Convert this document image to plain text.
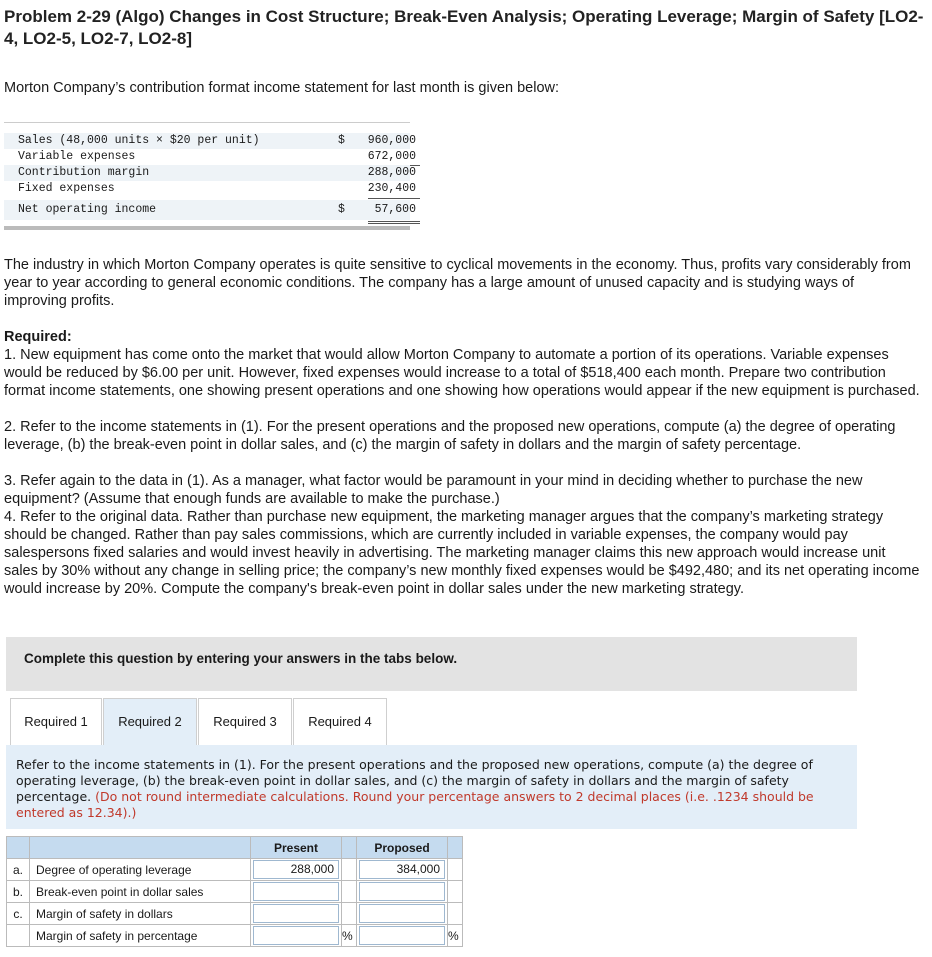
Problem 2-29 (Algo) Changes in Cost Structure; Break-Even Analysis; Operating Leverage; Margin of Safety [LO2-4, LO2-5, LO2-7, LO2-8]
Morton Company’s contribution format income statement for last month is given below:
Sales (48,000 units × $20 per unit)	$	960,000
Variable expenses	672,000
Contribution margin	288,000
Fixed expenses	230,400
Net operating income	$	57,600
The industry in which Morton Company operates is quite sensitive to cyclical movements in the economy. Thus, profits vary considerably from year to year according to general economic conditions. The company has a large amount of unused capacity and is studying ways of improving profits.
Required:
1. New equipment has come onto the market that would allow Morton Company to automate a portion of its operations. Variable expenses would be reduced by $6.00 per unit. However, fixed expenses would increase to a total of $518,400 each month. Prepare two contribution format income statements, one showing present operations and one showing how operations would appear if the new equipment is purchased.
2. Refer to the income statements in (1). For the present operations and the proposed new operations, compute (a) the degree of operating leverage, (b) the break-even point in dollar sales, and (c) the margin of safety in dollars and the margin of safety percentage.
3. Refer again to the data in (1). As a manager, what factor would be paramount in your mind in deciding whether to purchase the new equipment? (Assume that enough funds are available to make the purchase.)
4. Refer to the original data. Rather than purchase new equipment, the marketing manager argues that the company’s marketing strategy should be changed. Rather than pay sales commissions, which are currently included in variable expenses, the company would pay salespersons fixed salaries and would invest heavily in advertising. The marketing manager claims this new approach would increase unit sales by 30% without any change in selling price; the company’s new monthly fixed expenses would be $492,480; and its net operating income would increase by 20%. Compute the company's break-even point in dollar sales under the new marketing strategy.
Complete this question by entering your answers in the tabs below.
Required 1	Required 2	Required 3	Required 4
Refer to the income statements in (1). For the present operations and the proposed new operations, compute (a) the degree of operating leverage, (b) the break-even point in dollar sales, and (c) the margin of safety in dollars and the margin of safety percentage. (Do not round intermediate calculations. Round your percentage answers to 2 decimal places (i.e. .1234 should be entered as 12.34).)
		Present		Proposed	
a.	Degree of operating leverage	288,000		384,000	

b.	Break-even point in dollar sales	

c.	Margin of safety in dollars	

	Margin of safety in percentage		%		%
